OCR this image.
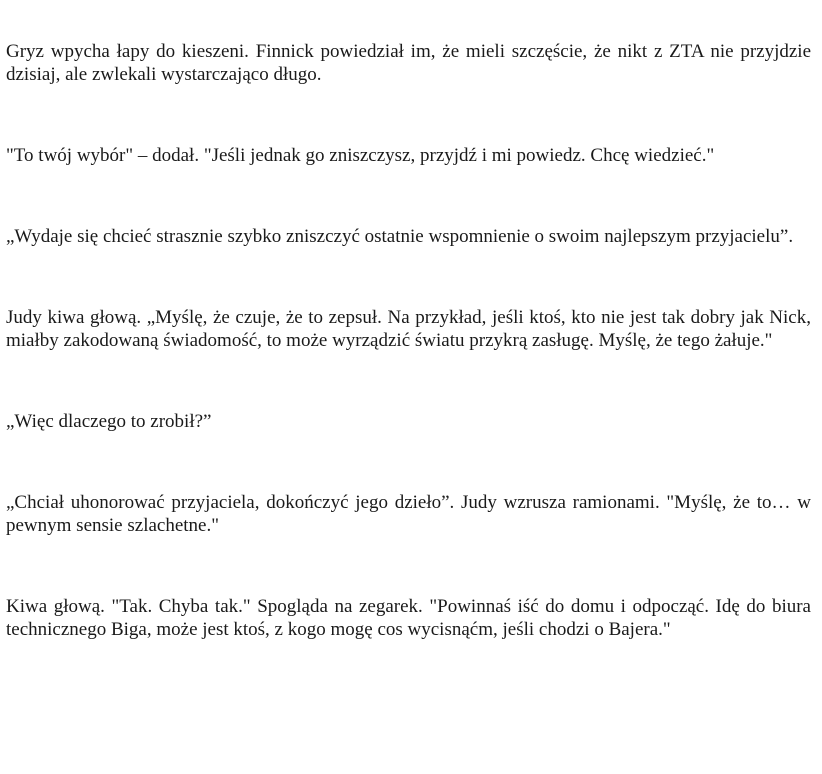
Gryz wpycha łapy do kieszeni. Finnick powiedział im, że mieli szczęście, że nikt z ZTA nie przyjdzie dzisiaj, ale zwlekali wystarczająco długo.

"To twój wybór" – dodał. "Jeśli jednak go zniszczysz, przyjdź i mi powiedz. Chcę wiedzieć."

„Wydaje się chcieć strasznie szybko zniszczyć ostatnie wspomnienie o swoim najlepszym przyjacielu”.

Judy kiwa głową. „Myślę, że czuje, że to zepsuł. Na przykład, jeśli ktoś, kto nie jest tak dobry jak Nick, miałby zakodowaną świadomość, to może wyrządzić światu przykrą zasługę. Myślę, że tego żałuje."

„Więc dlaczego to zrobił?”

„Chciał uhonorować przyjaciela, dokończyć jego dzieło”. Judy wzrusza ramionami. "Myślę, że to… w pewnym sensie szlachetne."

Kiwa głową. "Tak. Chyba tak." Spogląda na zegarek. "Powinnaś iść do domu i odpocząć. Idę do biura technicznego Biga, może jest ktoś, z kogo mogę cos wycisnąćm, jeśli chodzi o Bajera."
